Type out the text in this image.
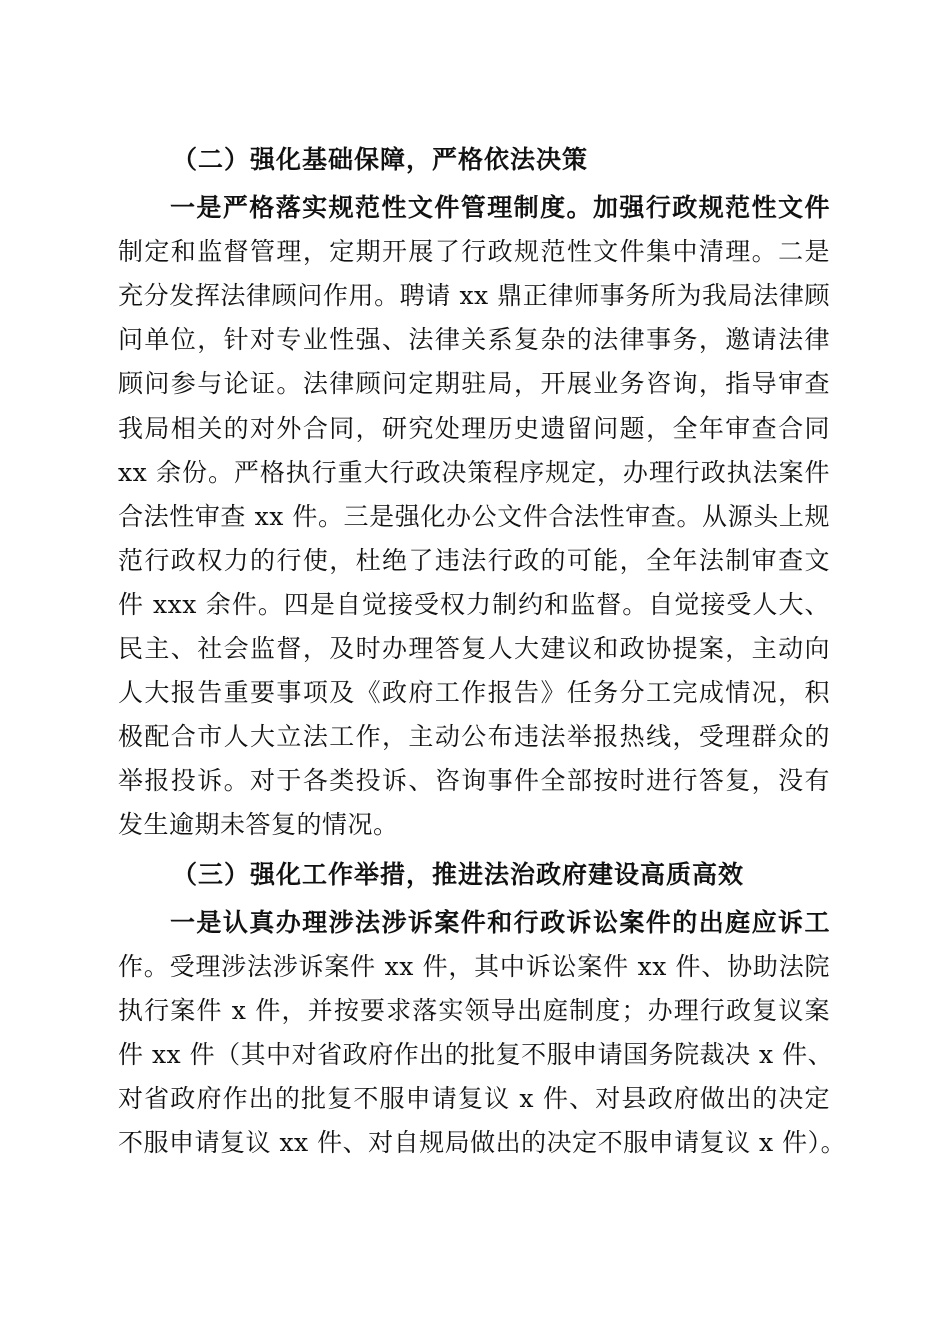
（二）强化基础保障，严格依法决策
一是严格落实规范性文件管理制度。加强行政规范性文件
制定和监督管理，定期开展了行政规范性文件集中清理。二是
充分发挥法律顾问作用。聘请 xx 鼎正律师事务所为我局法律顾
问单位，针对专业性强、法律关系复杂的法律事务，邀请法律
顾问参与论证。法律顾问定期驻局，开展业务咨询，指导审查
我局相关的对外合同，研究处理历史遗留问题，全年审查合同
xx 余份。严格执行重大行政决策程序规定，办理行政执法案件
合法性审查 xx 件。三是强化办公文件合法性审查。从源头上规
范行政权力的行使，杜绝了违法行政的可能，全年法制审查文
件 xxx 余件。四是自觉接受权力制约和监督。自觉接受人大、
民主、社会监督，及时办理答复人大建议和政协提案，主动向
人大报告重要事项及《政府工作报告》任务分工完成情况，积
极配合市人大立法工作，主动公布违法举报热线，受理群众的
举报投诉。对于各类投诉、咨询事件全部按时进行答复，没有
发生逾期未答复的情况。
（三）强化工作举措，推进法治政府建设高质高效
一是认真办理涉法涉诉案件和行政诉讼案件的出庭应诉工
作。受理涉法涉诉案件 xx 件，其中诉讼案件 xx 件、协助法院
执行案件 x 件，并按要求落实领导出庭制度；办理行政复议案
件 xx 件（其中对省政府作出的批复不服申请国务院裁决 x 件、
对省政府作出的批复不服申请复议 x 件、对县政府做出的决定
不服申请复议 xx 件、对自规局做出的决定不服申请复议 x 件）。
